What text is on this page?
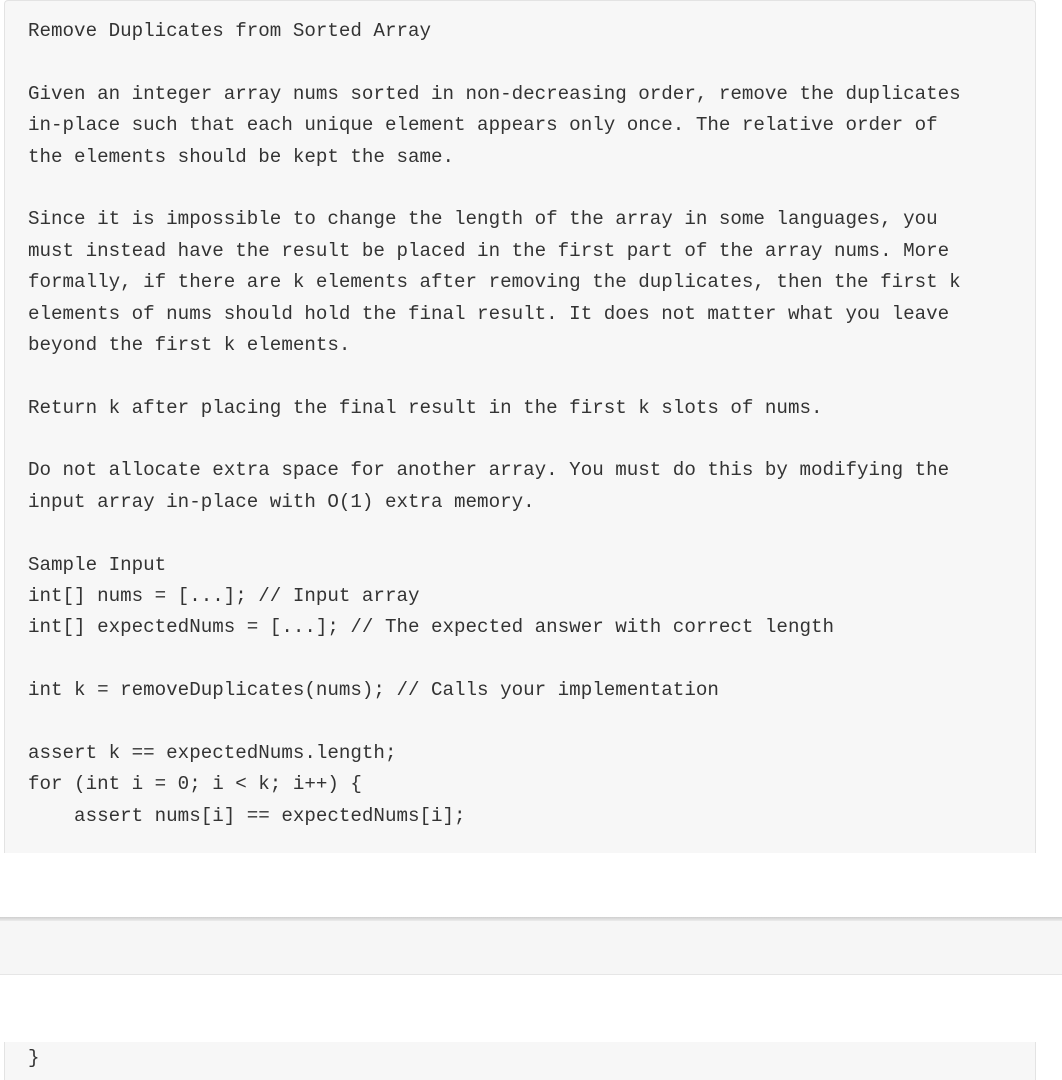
Remove Duplicates from Sorted Array
Given an integer array nums sorted in non-decreasing order, remove the duplicates
in-place such that each unique element appears only once. The relative order of
the elements should be kept the same.
Since it is impossible to change the length of the array in some languages, you
must instead have the result be placed in the first part of the array nums. More
formally, if there are k elements after removing the duplicates, then the first k
elements of nums should hold the final result. It does not matter what you leave
beyond the first k elements.
Return k after placing the final result in the first k slots of nums.
Do not allocate extra space for another array. You must do this by modifying the
input array in-place with O(1) extra memory.
Sample Input
int[] nums = [...]; // Input array
int[] expectedNums = [...]; // The expected answer with correct length
int k = removeDuplicates(nums); // Calls your implementation
assert k == expectedNums.length;
for (int i = 0; i < k; i++) {
assert nums[i] == expectedNums[i];
}
